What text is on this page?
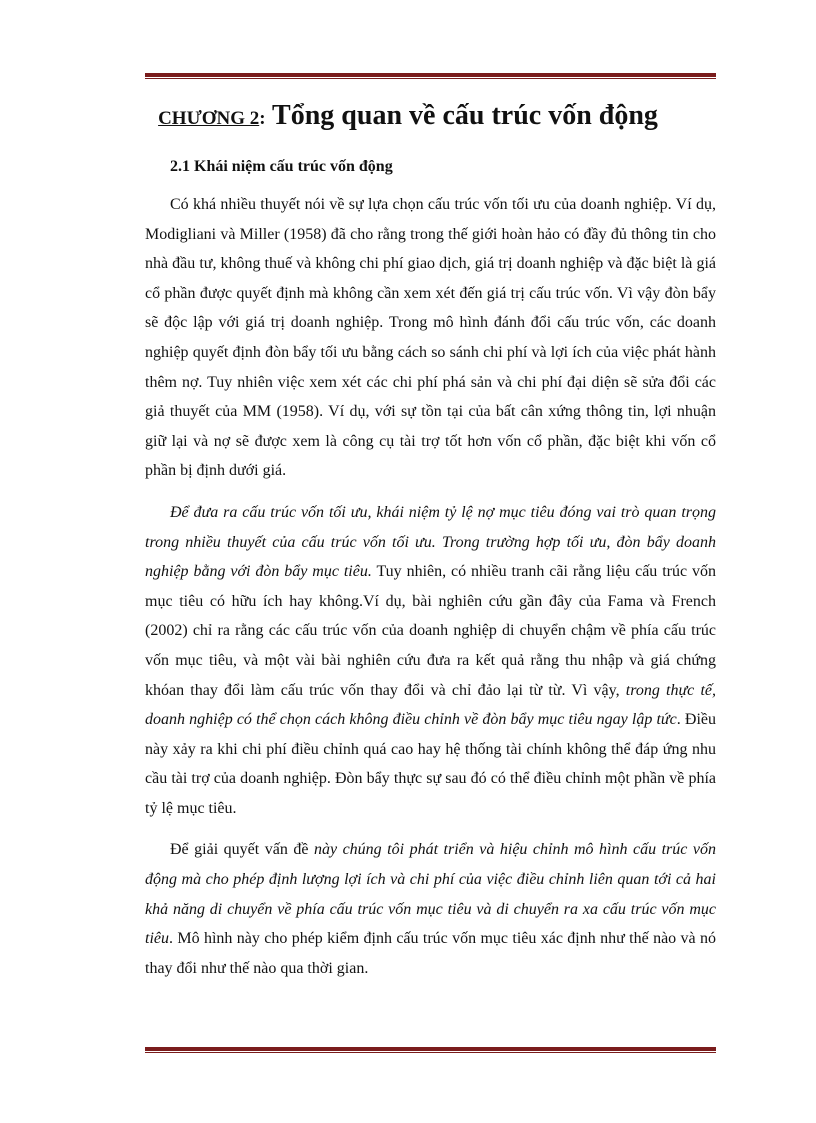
CHƯƠNG 2: Tổng quan về cấu trúc vốn động
2.1 Khái niệm cấu trúc vốn động

Có khá nhiều thuyết nói về sự lựa chọn cấu trúc vốn tối ưu của doanh nghiệp. Ví dụ, Modigliani và Miller (1958) đã cho rằng trong thế giới hoàn hảo có đầy đủ thông tin cho nhà đầu tư, không thuế và không chi phí giao dịch, giá trị doanh nghiệp và đặc biệt là giá cổ phần được quyết định mà không cần xem xét đến giá trị cấu trúc vốn. Vì vậy đòn bẩy sẽ độc lập với giá trị doanh nghiệp. Trong mô hình đánh đổi cấu trúc vốn, các doanh nghiệp quyết định đòn bẩy tối ưu bằng cách so sánh chi phí và lợi ích của việc phát hành thêm nợ. Tuy nhiên việc xem xét các chi phí phá sản và chi phí đại diện sẽ sửa đổi các giả thuyết của MM (1958). Ví dụ, với sự tồn tại của bất cân xứng thông tin, lợi nhuận giữ lại và nợ sẽ được xem là công cụ tài trợ tốt hơn vốn cổ phần, đặc biệt khi vốn cổ phần bị định dưới giá.

Để đưa ra cấu trúc vốn tối ưu, khái niệm tỷ lệ nợ mục tiêu đóng vai trò quan trọng trong nhiều thuyết của cấu trúc vốn tối ưu. Trong trường hợp tối ưu, đòn bẩy doanh nghiệp bằng với đòn bẩy mục tiêu. Tuy nhiên, có nhiều tranh cãi rằng liệu cấu trúc vốn mục tiêu có hữu ích hay không.Ví dụ, bài nghiên cứu gần đây của Fama và French (2002) chỉ ra rằng các cấu trúc vốn của doanh nghiệp di chuyển chậm về phía cấu trúc vốn mục tiêu, và một vài bài nghiên cứu đưa ra kết quả rằng thu nhập và giá chứng khóan thay đổi làm cấu trúc vốn thay đổi và chỉ đảo lại từ từ. Vì vậy, trong thực tế, doanh nghiệp có thể chọn cách không điều chỉnh về đòn bẩy mục tiêu ngay lập tức. Điều này xảy ra khi chi phí điều chỉnh quá cao hay hệ thống tài chính không thể đáp ứng nhu cầu tài trợ của doanh nghiệp. Đòn bẩy thực sự sau đó có thể điều chỉnh một phần về phía tỷ lệ mục tiêu.

Để giải quyết vấn đề này chúng tôi phát triển và hiệu chỉnh mô hình cấu trúc vốn động mà cho phép định lượng lợi ích và chi phí của việc điều chỉnh liên quan tới cả hai khả năng di chuyển về phía cấu trúc vốn mục tiêu và di chuyển ra xa cấu trúc vốn mục tiêu. Mô hình này cho phép kiểm định cấu trúc vốn mục tiêu xác định như thế nào và nó thay đổi như thế nào qua thời gian.
